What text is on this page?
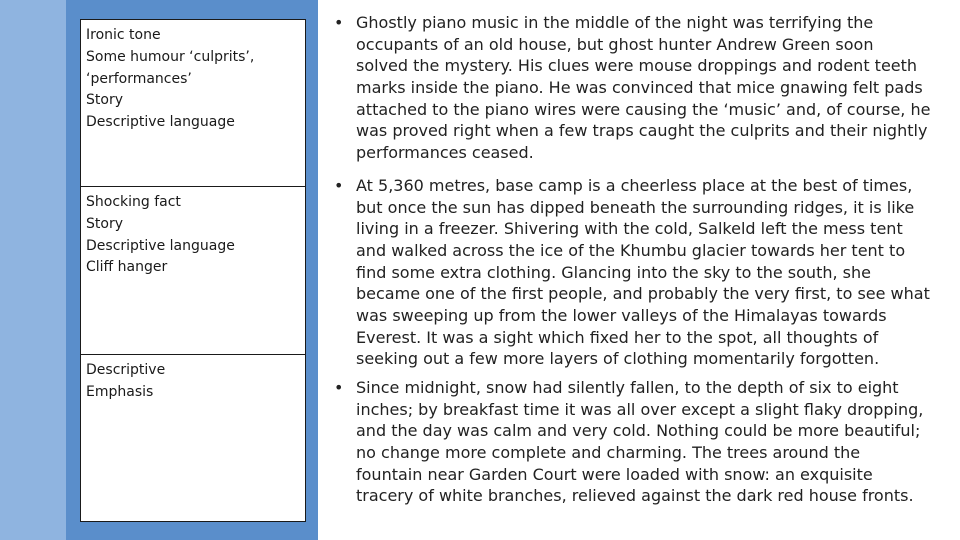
Ironic tone
Some humour ‘culprits’,
‘performances’
Story
Descriptive language
Shocking fact
Story
Descriptive language
Cliff hanger
Descriptive
Emphasis
• Ghostly piano music in the middle of the night was terrifying the
occupants of an old house, but ghost hunter Andrew Green soon
solved the mystery. His clues were mouse droppings and rodent teeth
marks inside the piano. He was convinced that mice gnawing felt pads
attached to the piano wires were causing the ‘music’ and, of course, he
was proved right when a few traps caught the culprits and their nightly
performances ceased.
• At 5,360 metres, base camp is a cheerless place at the best of times,
but once the sun has dipped beneath the surrounding ridges, it is like
living in a freezer. Shivering with the cold, Salkeld left the mess tent
and walked across the ice of the Khumbu glacier towards her tent to
find some extra clothing. Glancing into the sky to the south, she
became one of the first people, and probably the very first, to see what
was sweeping up from the lower valleys of the Himalayas towards
Everest. It was a sight which fixed her to the spot, all thoughts of
seeking out a few more layers of clothing momentarily forgotten.
• Since midnight, snow had silently fallen, to the depth of six to eight
inches; by breakfast time it was all over except a slight flaky dropping,
and the day was calm and very cold. Nothing could be more beautiful;
no change more complete and charming. The trees around the
fountain near Garden Court were loaded with snow: an exquisite
tracery of white branches, relieved against the dark red house fronts.
